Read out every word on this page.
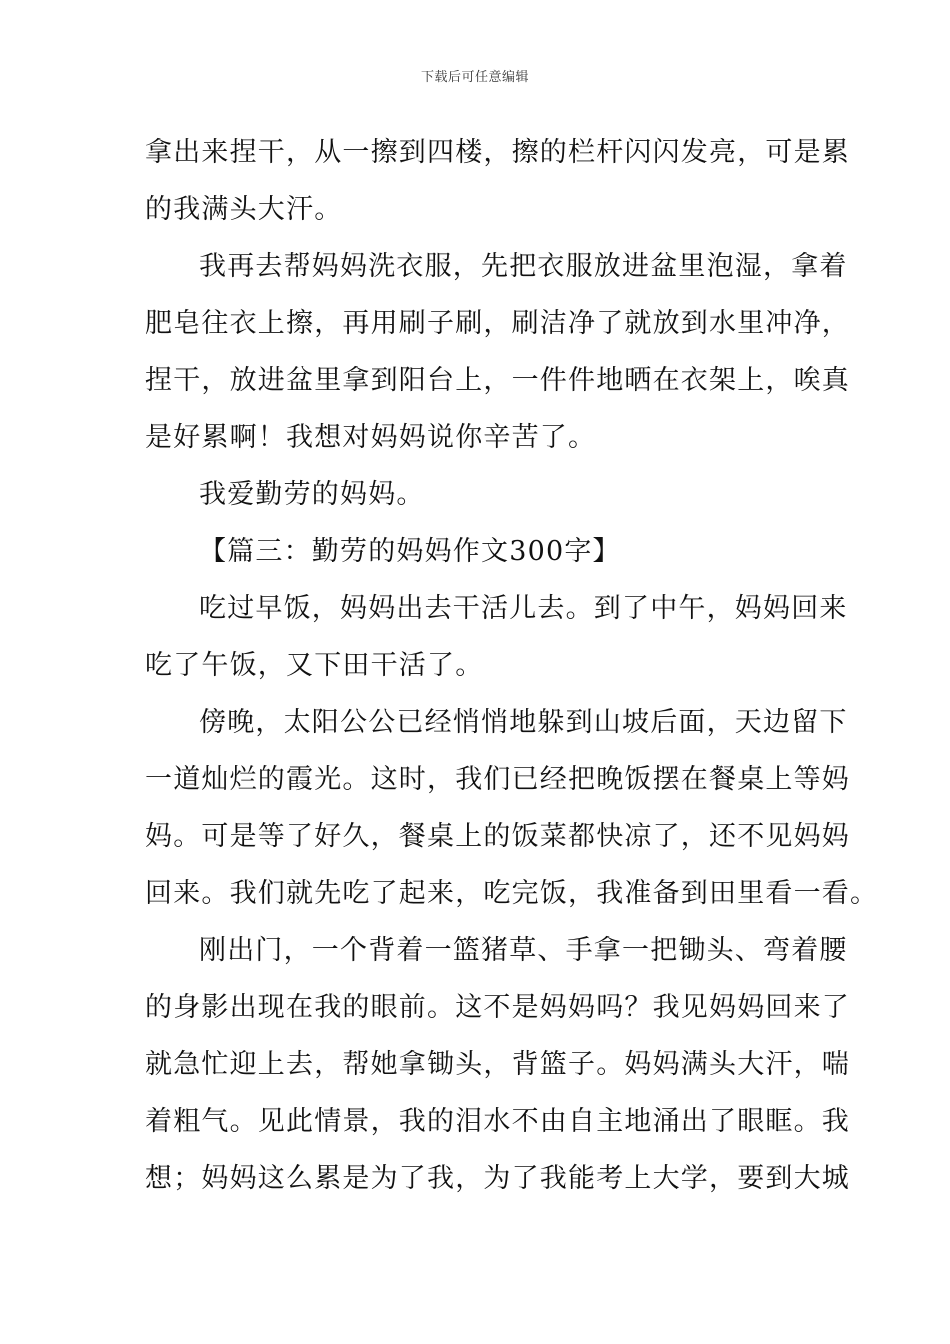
下载后可任意编辑
拿出来捏干，从一擦到四楼，擦的栏杆闪闪发亮，可是累
的我满头大汗。
我再去帮妈妈洗衣服，先把衣服放进盆里泡湿，拿着
肥皂往衣上擦，再用刷子刷，刷洁净了就放到水里冲净，
捏干，放进盆里拿到阳台上，一件件地晒在衣架上，唉真
是好累啊！我想对妈妈说你辛苦了。
我爱勤劳的妈妈。
【篇三：勤劳的妈妈作文300字】
吃过早饭，妈妈出去干活儿去。到了中午，妈妈回来
吃了午饭，又下田干活了。
傍晚，太阳公公已经悄悄地躲到山坡后面，天边留下
一道灿烂的霞光。这时，我们已经把晚饭摆在餐桌上等妈
妈。可是等了好久，餐桌上的饭菜都快凉了，还不见妈妈
回来。我们就先吃了起来，吃完饭，我准备到田里看一看。
刚出门，一个背着一篮猪草、手拿一把锄头、弯着腰
的身影出现在我的眼前。这不是妈妈吗？我见妈妈回来了
就急忙迎上去，帮她拿锄头，背篮子。妈妈满头大汗，喘
着粗气。见此情景，我的泪水不由自主地涌出了眼眶。我
想；妈妈这么累是为了我，为了我能考上大学，要到大城
